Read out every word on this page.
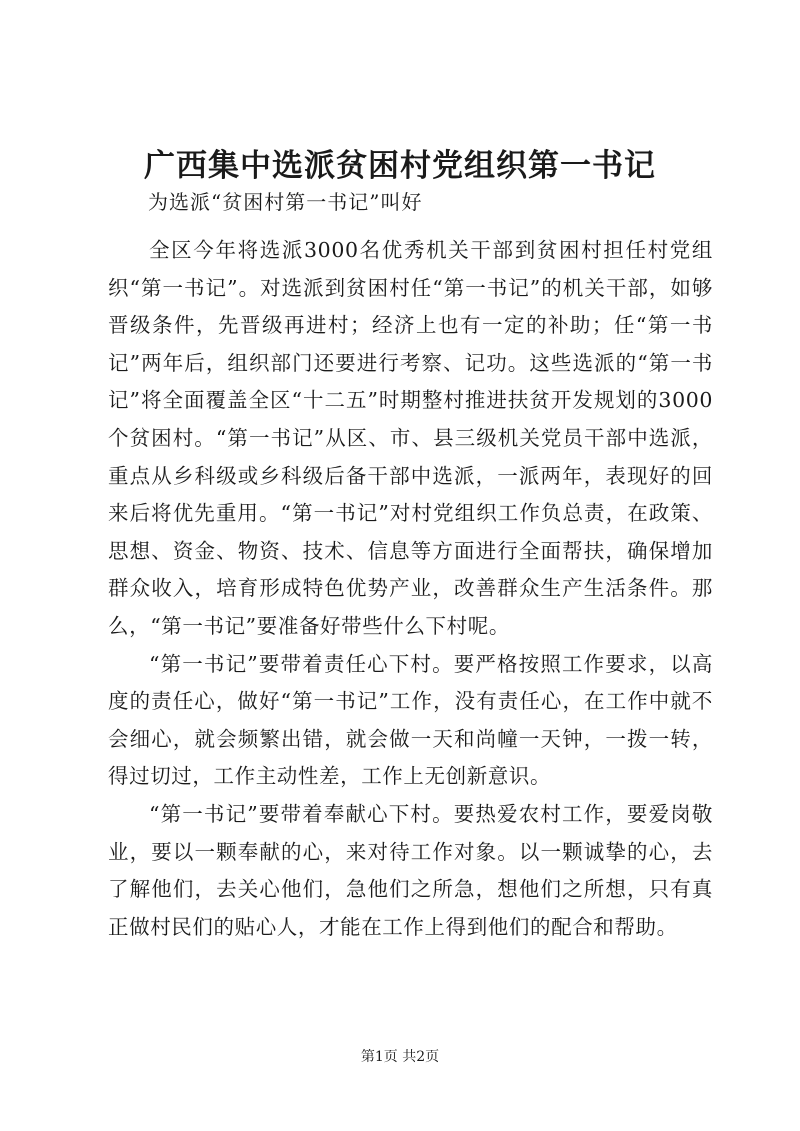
广西集中选派贫困村党组织第一书记

为选派“贫困村第一书记”叫好

全区今年将选派3000名优秀机关干部到贫困村担任村党组织“第一书记”。对选派到贫困村任“第一书记”的机关干部，如够晋级条件，先晋级再进村；经济上也有一定的补助；任“第一书记”两年后，组织部门还要进行考察、记功。这些选派的“第一书记”将全面覆盖全区“十二五”时期整村推进扶贫开发规划的3000个贫困村。“第一书记”从区、市、县三级机关党员干部中选派，重点从乡科级或乡科级后备干部中选派，一派两年，表现好的回来后将优先重用。“第一书记”对村党组织工作负总责，在政策、思想、资金、物资、技术、信息等方面进行全面帮扶，确保增加群众收入，培育形成特色优势产业，改善群众生产生活条件。那么，“第一书记”要准备好带些什么下村呢。

“第一书记”要带着责任心下村。要严格按照工作要求，以高度的责任心，做好“第一书记”工作，没有责任心，在工作中就不会细心，就会频繁出错，就会做一天和尚幢一天钟，一拨一转，得过切过，工作主动性差，工作上无创新意识。

“第一书记”要带着奉献心下村。要热爱农村工作，要爱岗敬业，要以一颗奉献的心，来对待工作对象。以一颗诚挚的心，去了解他们，去关心他们，急他们之所急，想他们之所想，只有真正做村民们的贴心人，才能在工作上得到他们的配合和帮助。

第1页 共2页
